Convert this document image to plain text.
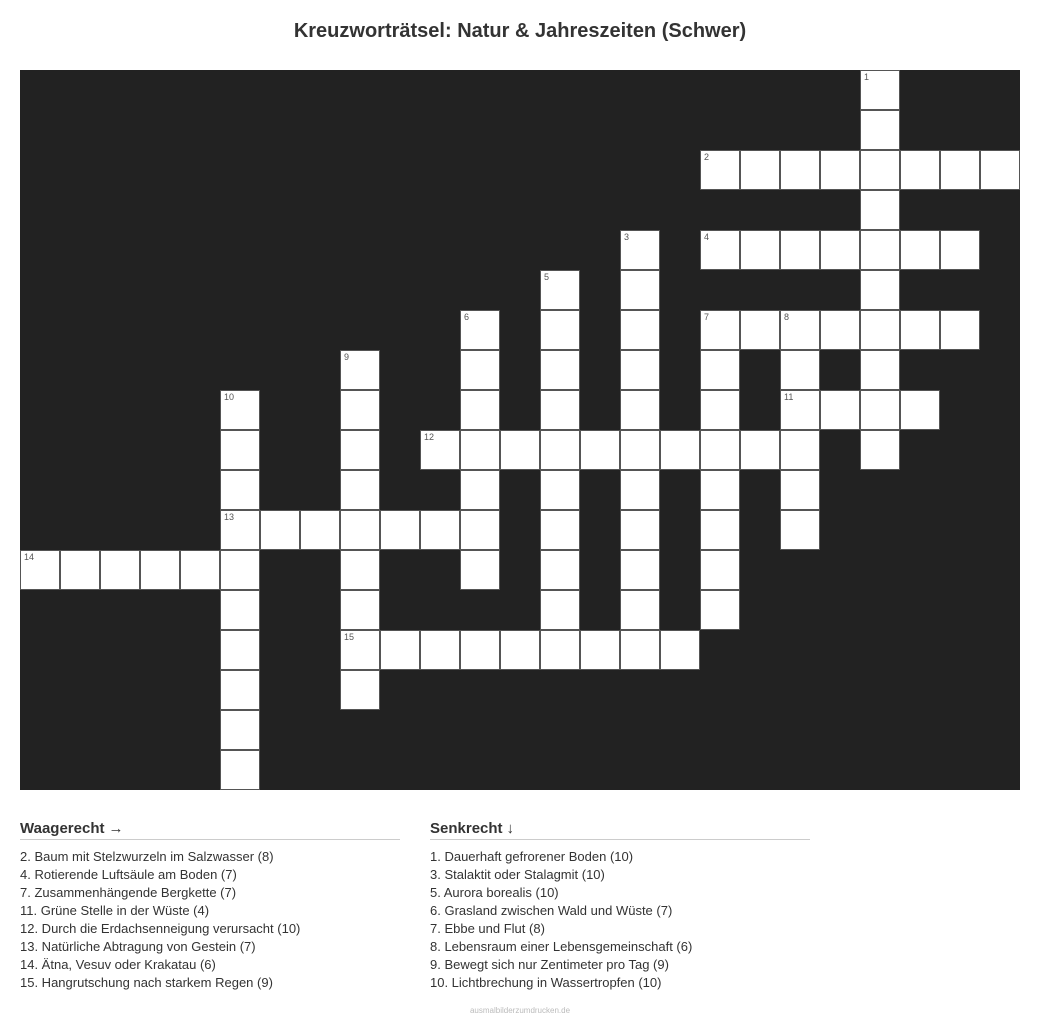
Kreuzworträtsel: Natur & Jahreszeiten (Schwer)
1
2
3	4
5
6	7	8
11
9
15
10
13
12
14
Waagerecht →
2. Baum mit Stelzwurzeln im Salzwasser (8)
4. Rotierende Luftsäule am Boden (7)
7. Zusammenhängende Bergkette (7)
11. Grüne Stelle in der Wüste (4)
12. Durch die Erdachsenneigung verursacht (10)
13. Natürliche Abtragung von Gestein (7)
14. Ätna, Vesuv oder Krakatau (6)
15. Hangrutschung nach starkem Regen (9)
Senkrecht ↓
1. Dauerhaft gefrorener Boden (10)
3. Stalaktit oder Stalagmit (10)
5. Aurora borealis (10)
6. Grasland zwischen Wald und Wüste (7)
7. Ebbe und Flut (8)
8. Lebensraum einer Lebensgemeinschaft (6)
9. Bewegt sich nur Zentimeter pro Tag (9)
10. Lichtbrechung in Wassertropfen (10)
ausmalbilderzumdrucken.de
